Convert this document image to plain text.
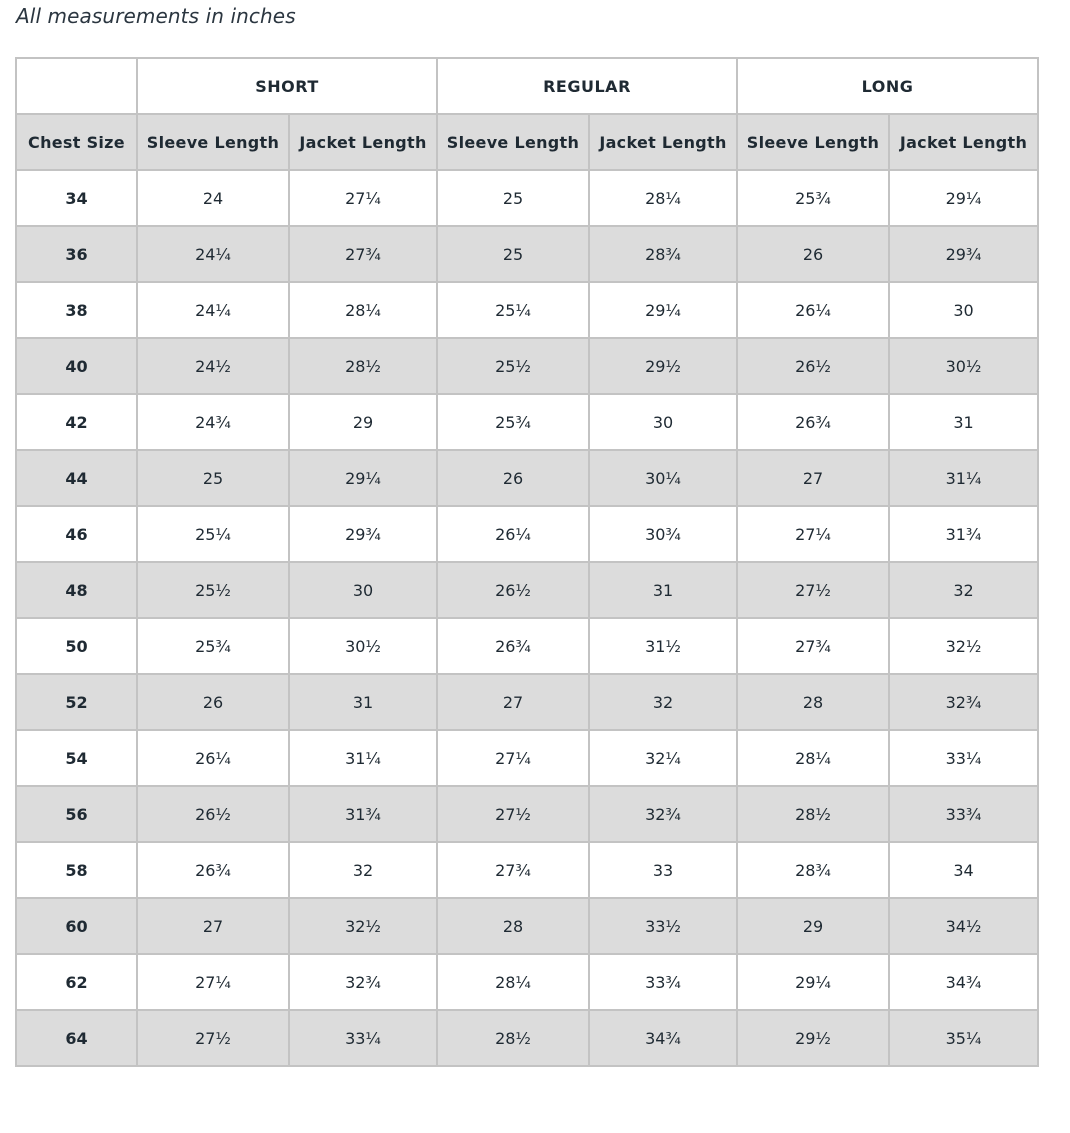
All measurements in inches
	SHORT		REGULAR		LONG	
Chest Size	Sleeve Length	Jacket Length	Sleeve Length	Jacket Length	Sleeve Length	Jacket Length
34	24	27¼	25	28¼	25¾	29¼
36	24¼	27¾	25	28¾	26	29¾
38	24¼	28¼	25¼	29¼	26¼	30
40	24½	28½	25½	29½	26½	30½
42	24¾	29	25¾	30	26¾	31
44	25	29¼	26	30¼	27	31¼
46	25¼	29¾	26¼	30¾	27¼	31¾
48	25½	30	26½	31	27½	32
50	25¾	30½	26¾	31½	27¾	32½
52	26	31	27	32	28	32¾
54	26¼	31¼	27¼	32¼	28¼	33¼
56	26½	31¾	27½	32¾	28½	33¾
58	26¾	32	27¾	33	28¾	34
60	27	32½	28	33½	29	34½
62	27¼	32¾	28¼	33¾	29¼	34¾
64	27½	33¼	28½	34¾	29½	35¼
